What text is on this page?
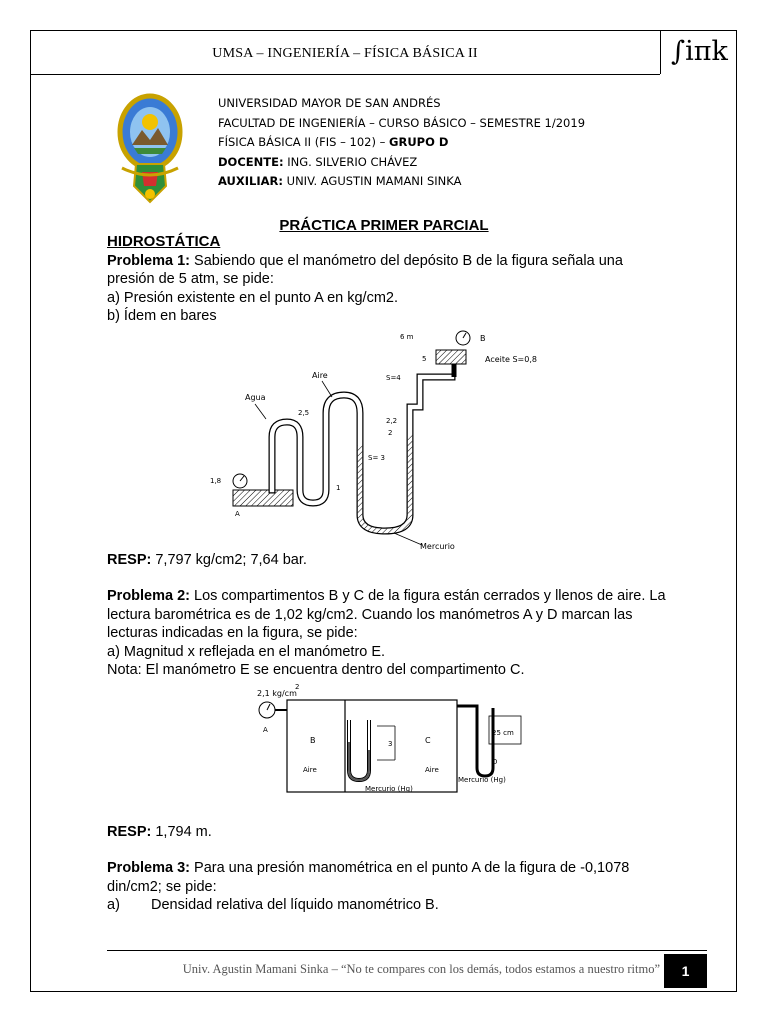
UMSA – INGENIERÍA – FÍSICA BÁSICA II	∫iπk
UNIVERSIDAD MAYOR DE SAN ANDRÉS
FACULTAD DE INGENIERÍA – CURSO BÁSICO – SEMESTRE 1/2019
FÍSICA BÁSICA II (FIS – 102) – GRUPO D
DOCENTE: ING. SILVERIO CHÁVEZ
AUXILIAR: UNIV. AGUSTIN MAMANI SINKA
PRÁCTICA PRIMER PARCIAL
HIDROSTÁTICA
Problema 1: Sabiendo que el manómetro del depósito B de la figura señala una presión de 5 atm, se pide:
a) Presión existente en el punto A en kg/cm2.
b) Ídem en bares
Agua
Aire	S=4
S= 3
Aceite S=0,8
B
6 m
5
2,5
2,2
2
1,8
1
A
Mercurio
RESP: 7,797 kg/cm2; 7,64 bar.
Problema 2: Los compartimentos B y C de la figura están cerrados y llenos de aire. La lectura barométrica es de 1,02 kg/cm2. Cuando los manómetros A y D marcan las lecturas indicadas en la figura, se pide:
a) Magnitud x reflejada en el manómetro E.
Nota: El manómetro E se encuentra dentro del compartimento C.
2,1 kg/cm
2
A
B	C
Aire	Aire
3
Mercurio (Hg)
Mercurio (Hg)
D
25 cm
RESP: 1,794 m.
Problema 3: Para una presión manométrica en el punto A de la figura de -0,1078 din/cm2; se pide:
a) Densidad relativa del líquido manométrico B.
Univ. Agustin Mamani Sinka – “No te compares con los demás, todos estamos a nuestro ritmo”	1
